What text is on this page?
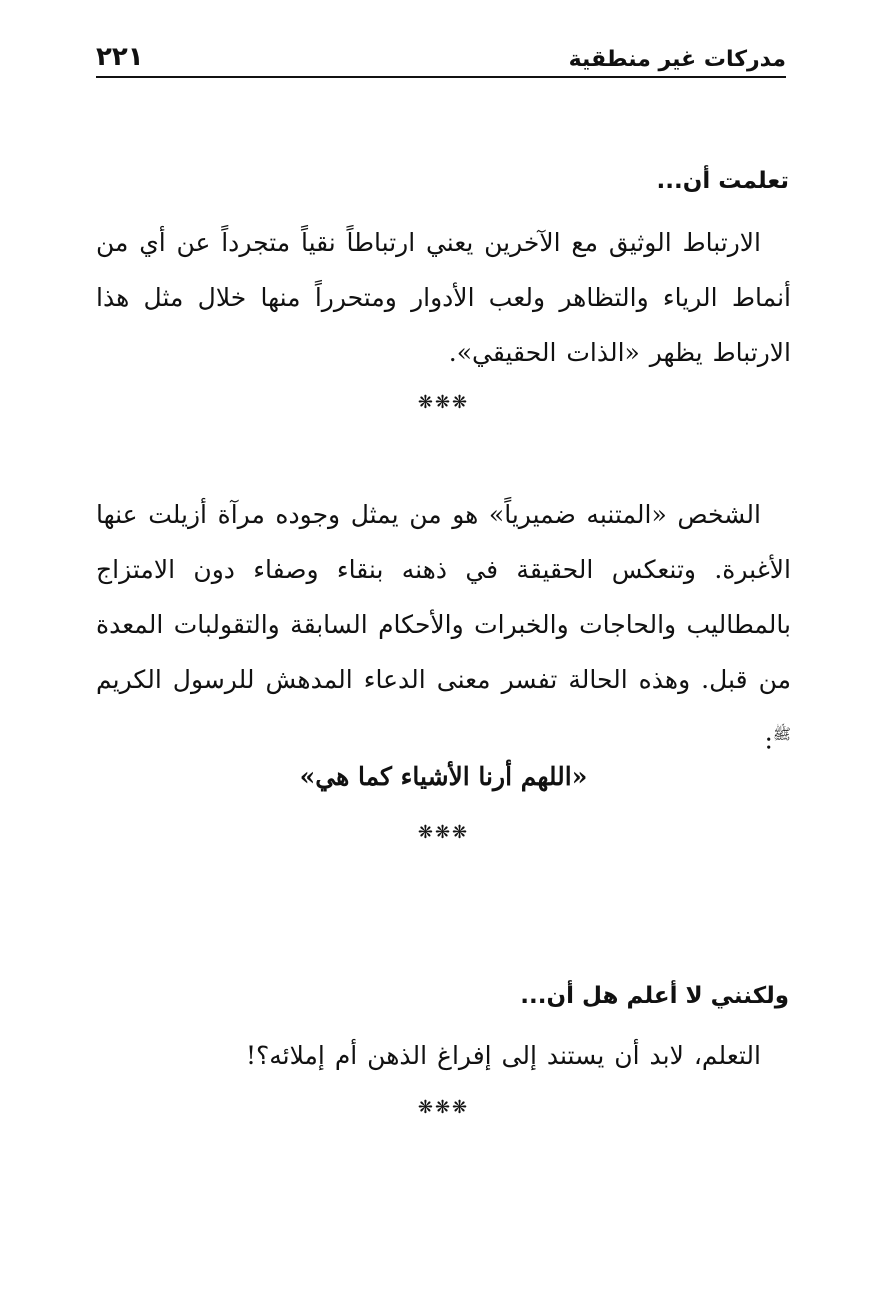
مدركات غير منطقية
٢٢١
تعلمت أن...

الارتباط الوثيق مع الآخرين يعني ارتباطاً نقياً متجرداً عن أي من أنماط الرياء والتظاهر ولعب الأدوار ومتحرراً منها خلال مثل هذا الارتباط يظهر «الذات الحقيقي».

❋❋❋

الشخص «المتنبه ضميرياً» هو من يمثل وجوده مرآة أزيلت عنها الأغبرة. وتنعكس الحقيقة في ذهنه بنقاء وصفاء دون الامتزاج بالمطاليب والحاجات والخبرات والأحكام السابقة والتقولبات المعدة من قبل. وهذه الحالة تفسر معنى الدعاء المدهش للرسول الكريم $^ﷺ$:

«اللهم أرنا الأشياء كما هي»
❋❋❋
ولكنني لا أعلم هل أن...

التعلم، لابد أن يستند إلى إفراغ الذهن أم إملائه؟!

❋❋❋
